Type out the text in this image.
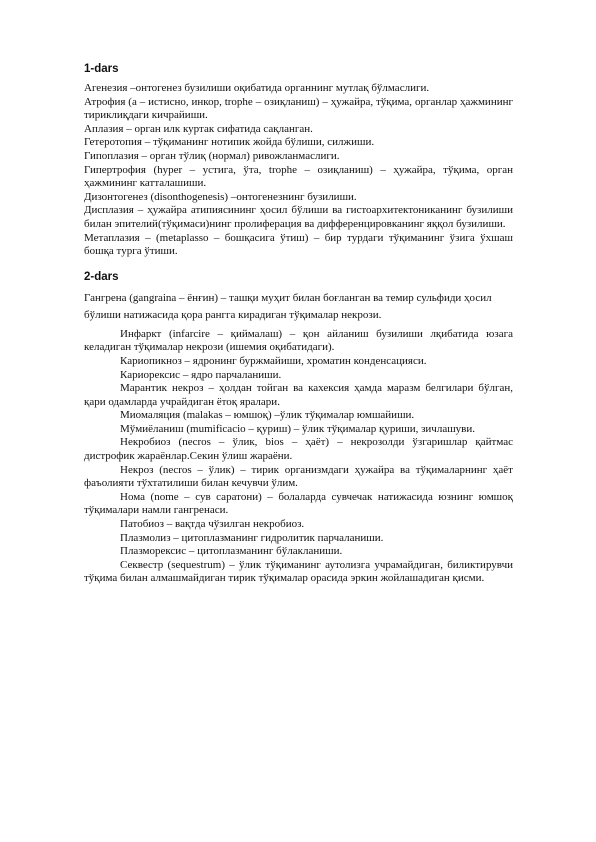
1-dars

Агенезия –онтогенез бузилиши оқибатида органнинг мутлақ бўлмаслиги.

Атрофия (а – истисно, инкор, trophe – озиқланиш) – ҳужайра, тўқима, органлар ҳажмининг тириклиқдаги кичрайиши.

Аплазия – орган илк куртак сифатида сақланган.

Гетеротопия – тўқиманинг нотипик жойда бўлиши, силжиши.

Гипоплазия – орган тўлиқ (нормал) ривожланмаслиги.

Гипертрофия (hyper – устига, ўта, trophe – озиқланиш) – ҳужайра, тўқима, орган ҳажмининг катталашиши.

Дизонтогенез (disonthogenesis) –онтогенезнинг бузилиши.

Дисплазия – ҳужайра атипиясининг ҳосил бўлиши ва гистоархитектониканинг бузилиши билан эпителий(тўқимаси)нинг пролиферация ва дифференцировканинг яққол бузилиши.

Метаплазия – (metaplasso – бошқасига ўтиш) – бир турдаги тўқиманинг ўзига ўхшаш бошқа турга ўтиши.

2-dars

Гангрена (gangraina – ёнғин) – ташқи муҳит билан боғланган ва темир сульфиди ҳосил бўлиши натижасида қора рангга кирадиган тўқималар некрози.

Инфаркт (infarcire – қиймалаш) – қон айланиш бузилиши лқибатида юзага келадиган тўқималар некрози (ишемия оқибатидаги).

Кариопикноз – ядронинг буржмайиши, хроматин конденсацияси.

Кариорексис – ядро парчаланиши.

Марантик некроз – ҳолдан тойган ва кахексия ҳамда маразм белгилари бўлган, қари одамларда учрайдиган ётоқ яралари.

Миомаляция (malakas – юмшоқ) –ўлик тўқималар юмшайиши.

Мўмиёланиш (mumificacio – қуриш) – ўлик тўқималар қуриши, зичлашуви.

Некробиоз (necros – ўлик, bios – ҳаёт) – некрозолди ўзгаришлар қайтмас дистрофик жараёнлар.Секин ўлиш жараёни.

Некроз (necros – ўлик) – тирик организмдаги ҳужайра ва тўқималарнинг ҳаёт фаъолияти тўхтатилиши билан кечувчи ўлим.

Нома (nome – сув саратони) – болаларда сувчечак натижасида юзнинг юмшоқ тўқималари намли гангренаси.

Патобиоз – вақтда чўзилган некробиоз.

Плазмолиз – цитоплазманинг гидролитик парчаланиши.

Плазморексис – цитоплазманинг бўлакланиши.

Секвестр (sequestrum) – ўлик тўқиманинг аутолизга учрамайдиган, биликтирувчи тўқима билан алмашмайдиган тирик тўқималар орасида эркин жойлашадиган қисми.
